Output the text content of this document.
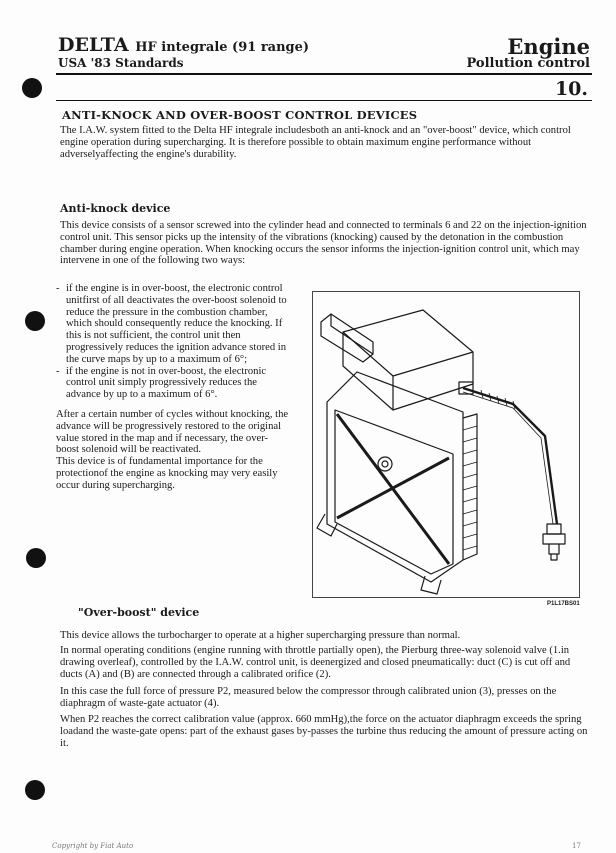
DELTA HF integrale (91 range)
USA '83 Standards
Engine
Pollution control
10.
ANTI-KNOCK AND OVER-BOOST CONTROL DEVICES

The I.A.W. system fitted to the Delta HF integrale includesboth an anti-knock and an "over-boost" device, which control engine operation during supercharging. It is therefore possible to obtain maximum engine performance without adverselyaffecting the engine's durability.

Anti-knock device

This device consists of a sensor screwed into the cylinder head and connected to terminals 6 and 22 on the injection-ignition control unit. This sensor picks up the intensity of the vibrations (knocking) caused by the detonation in the combustion chamber during engine operation. When knocking occurs the sensor informs the injection-ignition control unit, which may intervene in one of the following two ways:

- if the engine is in over-boost, the electronic control unitfirst of all deactivates the over-boost solenoid to reduce the pressure in the combustion chamber, which should consequently reduce the knocking. If this is not sufficient, the control unit then progressively reduces the ignition advance stored in the curve maps by up to a maximum of 6°;

- if the engine is not in over-boost, the electronic control unit simply progressively reduces the advance by up to a maximum of 6°.

After a certain number of cycles without knocking, the advance will be progressively restored to the original value stored in the map and if necessary, the over-boost solenoid will be reactivated.

This device is of fundamental importance for the protectionof the engine as knocking may very easily occur during supercharging.

P1L17BS01
"Over-boost" device

This device allows the turbocharger to operate at a higher supercharging pressure than normal.

In normal operating conditions (engine running with throttle partially open), the Pierburg three-way solenoid valve (1.in drawing overleaf), controlled by the I.A.W. control unit, is deenergized and closed pneumatically: duct (C) is cut off and ducts (A) and (B) are connected through a calibrated orifice (2).

In this case the full force of pressure P2, measured below the compressor through calibrated union (3), presses on the diaphragm of waste-gate actuator (4).

When P2 reaches the correct calibration value (approx. 660 mmHg),the force on the actuator diaphragm exceeds the spring loadand the waste-gate opens: part of the exhaust gases by-passes the turbine thus reducing the amount of pressure acting on it.

Copyright by Fiat Auto	17
